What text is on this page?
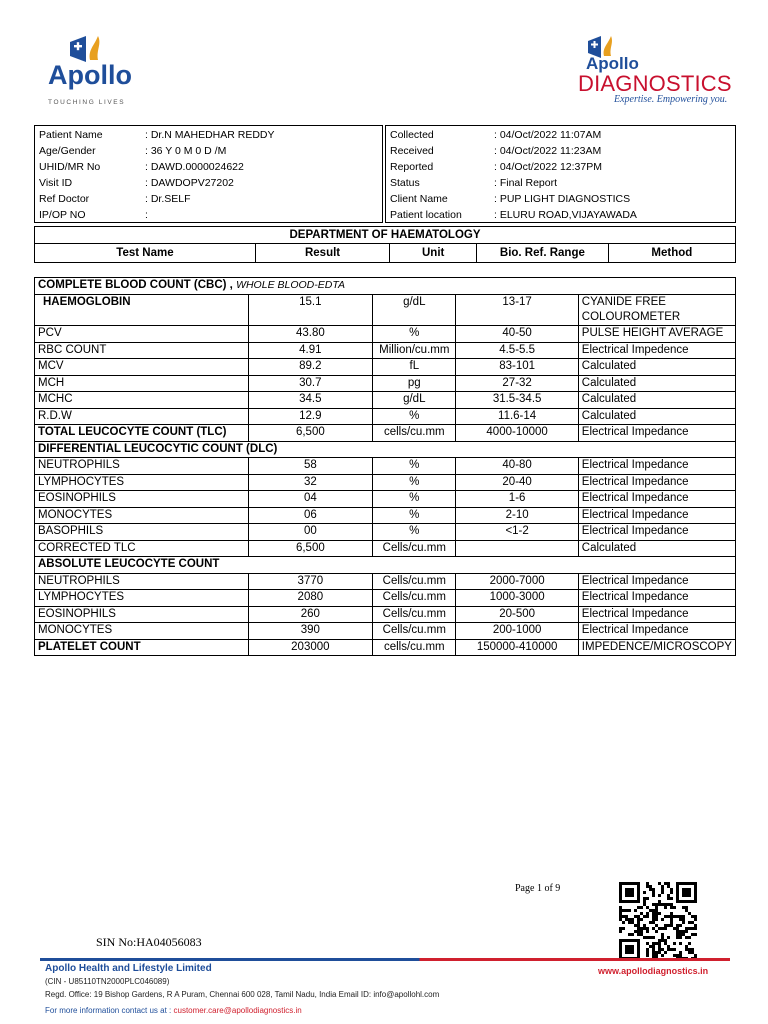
Apollo
TOUCHING LIVES
Apollo
DIAGNOSTICS
Expertise. Empowering you.
Patient Name	: Dr.N MAHEDHAR REDDY
Age/Gender	: 36 Y 0 M 0 D /M
UHID/MR No	: DAWD.0000024622
Visit ID	: DAWDOPV27202
Ref Doctor	: Dr.SELF
IP/OP NO	:
Collected	: 04/Oct/2022 11:07AM
Received	: 04/Oct/2022 11:23AM
Reported	: 04/Oct/2022 12:37PM
Status	: Final Report
Client Name	: PUP LIGHT DIAGNOSTICS
Patient location	: ELURU ROAD,VIJAYAWADA
DEPARTMENT OF HAEMATOLOGY
Test Name	Result	Unit	Bio. Ref. Range	Method
COMPLETE BLOOD COUNT (CBC) , WHOLE BLOOD-EDTA				
HAEMOGLOBIN	15.1	g/dL	13-17	CYANIDE FREE COLOUROMETER
PCV	43.80	%	40-50	PULSE HEIGHT AVERAGE
RBC COUNT	4.91	Million/cu.mm	4.5-5.5	Electrical Impedence
MCV	89.2	fL	83-101	Calculated
MCH	30.7	pg	27-32	Calculated
MCHC	34.5	g/dL	31.5-34.5	Calculated
R.D.W	12.9	%	11.6-14	Calculated
TOTAL LEUCOCYTE COUNT (TLC)	6,500	cells/cu.mm	4000-10000	Electrical Impedance
DIFFERENTIAL LEUCOCYTIC COUNT (DLC)				
NEUTROPHILS	58	%	40-80	Electrical Impedance
LYMPHOCYTES	32	%	20-40	Electrical Impedance
EOSINOPHILS	04	%	1-6	Electrical Impedance
MONOCYTES	06	%	2-10	Electrical Impedance
BASOPHILS	00	%	<1-2	Electrical Impedance
CORRECTED TLC	6,500	Cells/cu.mm		Calculated
ABSOLUTE LEUCOCYTE COUNT				
NEUTROPHILS	3770	Cells/cu.mm	2000-7000	Electrical Impedance
LYMPHOCYTES	2080	Cells/cu.mm	1000-3000	Electrical Impedance
EOSINOPHILS	260	Cells/cu.mm	20-500	Electrical Impedance
MONOCYTES	390	Cells/cu.mm	200-1000	Electrical Impedance
PLATELET COUNT	203000	cells/cu.mm	150000-410000	IMPEDENCE/MICROSCOPY
Page 1 of 9
SIN No:HA04056083
Apollo Health and Lifestyle Limited
(CIN - U85110TN2000PLC046089)
Regd. Office: 19 Bishop Gardens, R A Puram, Chennai 600 028, Tamil Nadu, India Email ID: info@apollohl.com
For more information contact us at : customer.care@apollodiagnostics.in
www.apollodiagnostics.in
